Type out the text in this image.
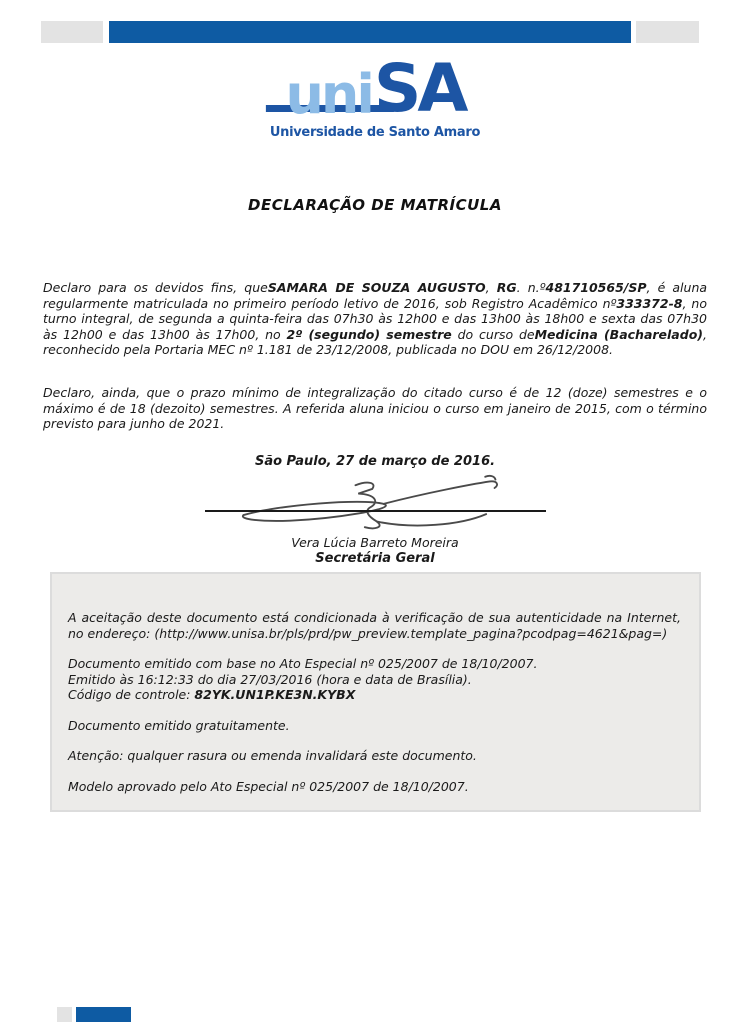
uni SA
Universidade de Santo Amaro
DECLARAÇÃO DE MATRÍCULA
Declaro para os devidos fins, queSAMARA DE SOUZA AUGUSTO, RG. n.º481710565/SP, é aluna regularmente matriculada no primeiro período letivo de 2016, sob Registro Acadêmico nº333372-8, no turno integral, de segunda a quinta-feira das 07h30 às 12h00 e das 13h00 às 18h00 e sexta das 07h30 às 12h00 e das 13h00 às 17h00, no 2º (segundo) semestre do curso deMedicina (Bacharelado), reconhecido pela Portaria MEC nº 1.181 de 23/12/2008, publicada no DOU em 26/12/2008.
Declaro, ainda, que o prazo mínimo de integralização do citado curso é de 12 (doze) semestres e o máximo é de 18 (dezoito) semestres. A referida aluna iniciou o curso em janeiro de 2015, com o término previsto para junho de 2021.
São Paulo, 27 de março de 2016.
Vera Lúcia Barreto Moreira
Secretária Geral

A aceitação deste documento está condicionada à verificação de sua autenticidade na Internet, no endereço: (http://www.unisa.br/pls/prd/pw_preview.template_pagina?pcodpag=4621&pag=)

Documento emitido com base no Ato Especial nº 025/2007 de 18/10/2007.

Emitido às 16:12:33 do dia 27/03/2016 (hora e data de Brasília).

Código de controle: 82YK.UN1P.KE3N.KYBX

Documento emitido gratuitamente.

Atenção: qualquer rasura ou emenda invalidará este documento.

Modelo aprovado pelo Ato Especial nº 025/2007 de 18/10/2007.
